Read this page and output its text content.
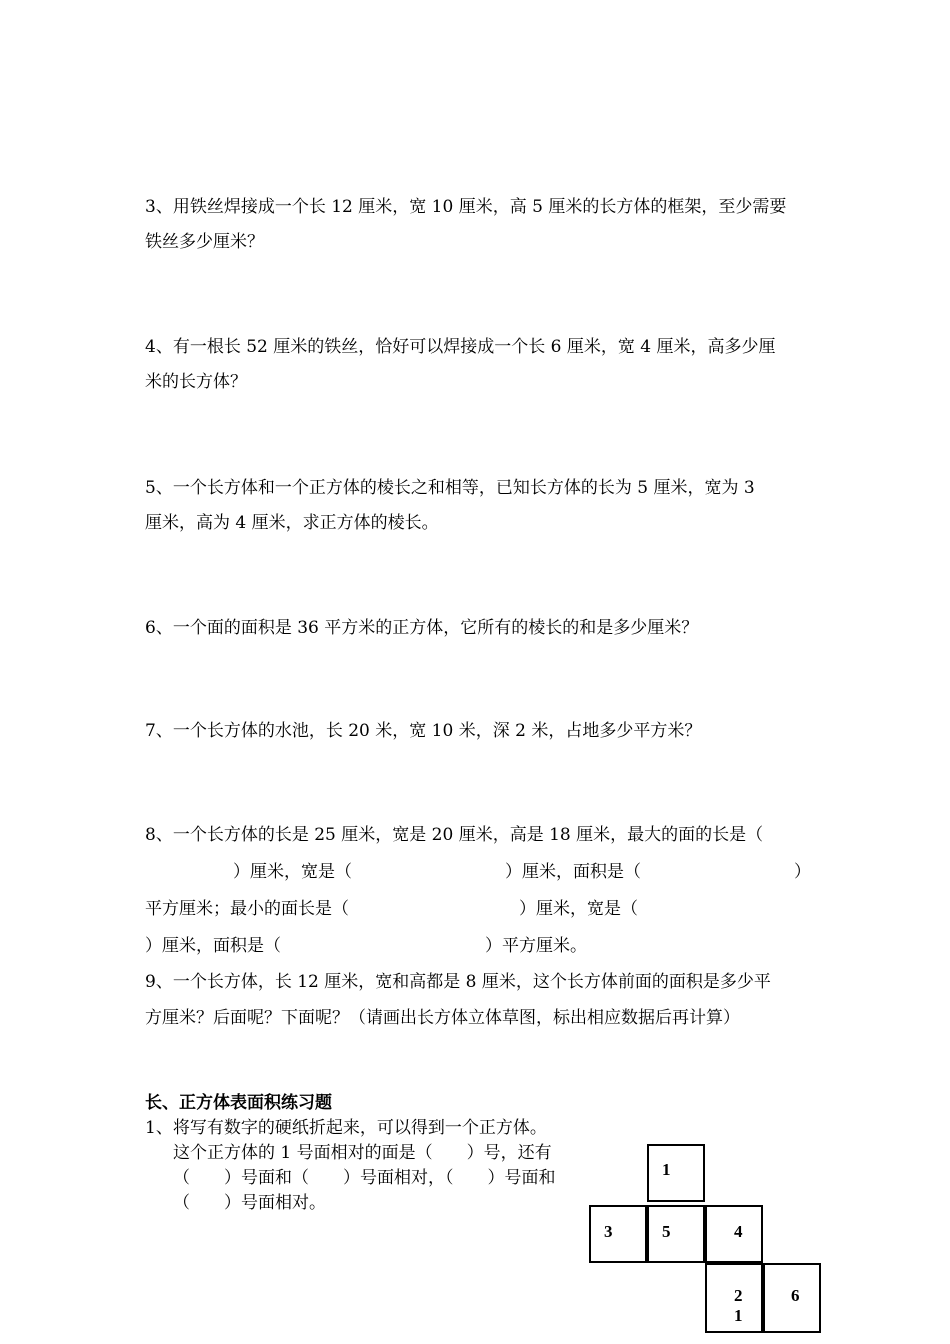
3、用铁丝焊接成一个长 12 厘米，宽 10 厘米，高 5 厘米的长方体的框架，至少需要
铁丝多少厘米？
4、有一根长 52 厘米的铁丝，恰好可以焊接成一个长 6 厘米，宽 4 厘米，高多少厘
米的长方体？
5、一个长方体和一个正方体的棱长之和相等，已知长方体的长为 5 厘米，宽为 3
厘米，高为 4 厘米，求正方体的棱长。
6、一个面的面积是 36 平方米的正方体，它所有的棱长的和是多少厘米？
7、一个长方体的水池，长 20 米，宽 10 米，深 2 米，占地多少平方米？
8、一个长方体的长是 25 厘米，宽是 20 厘米，高是 18 厘米，最大的面的长是（
）厘米，宽是（　　　　　　　　　）厘米，面积是（　　　　　　　　　）
平方厘米；最小的面长是（　　　　　　　　　　）厘米，宽是（
）厘米，面积是（　　　　　　　　　　　　）平方厘米。
9、一个长方体，长 12 厘米，宽和高都是 8 厘米，这个长方体前面的面积是多少平
方厘米？后面呢？下面呢？（请画出长方体立体草图，标出相应数据后再计算）
长、正方体表面积练习题
1、将写有数字的硬纸折起来，可以得到一个正方体。
这个正方体的 1 号面相对的面是（　　）号，还有
（　　）号面和（　　）号面相对，（　　）号面和
（　　）号面相对。
1
3	5	4
2
1
6
